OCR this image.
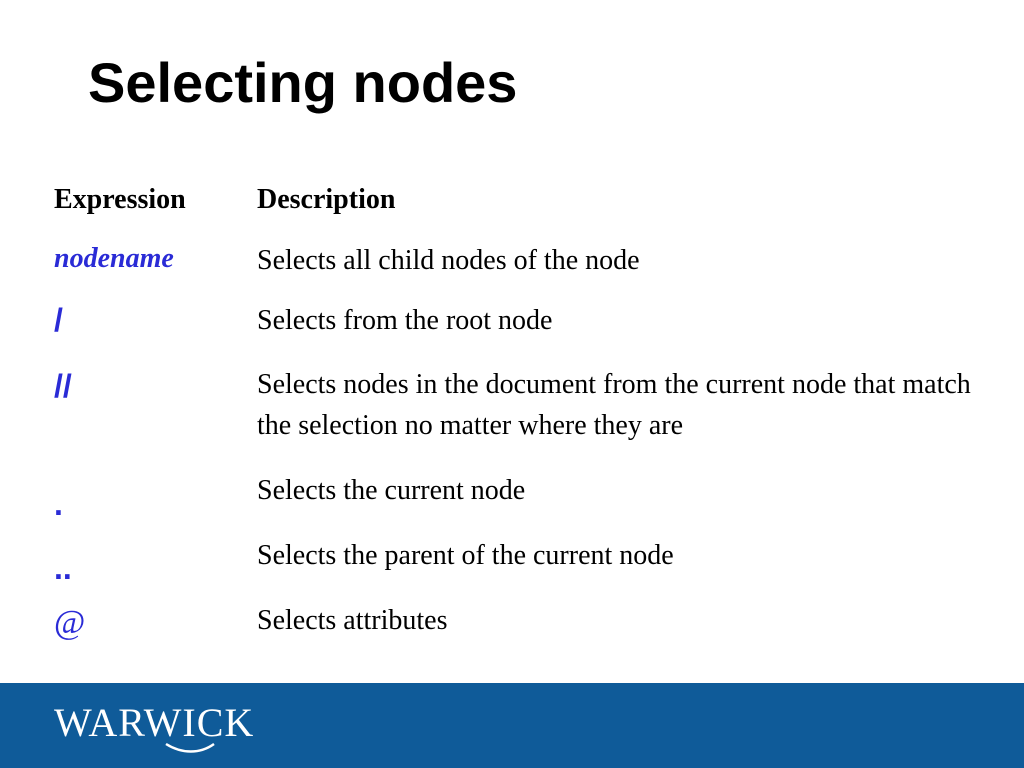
Selecting nodes
Expression	Description
nodename	Selects all child nodes of the node
/	Selects from the root node
//	Selects nodes in the document from the current node that match the selection no matter where they are
.	Selects the current node
..	Selects the parent of the current node
@	Selects attributes
WARWICK
